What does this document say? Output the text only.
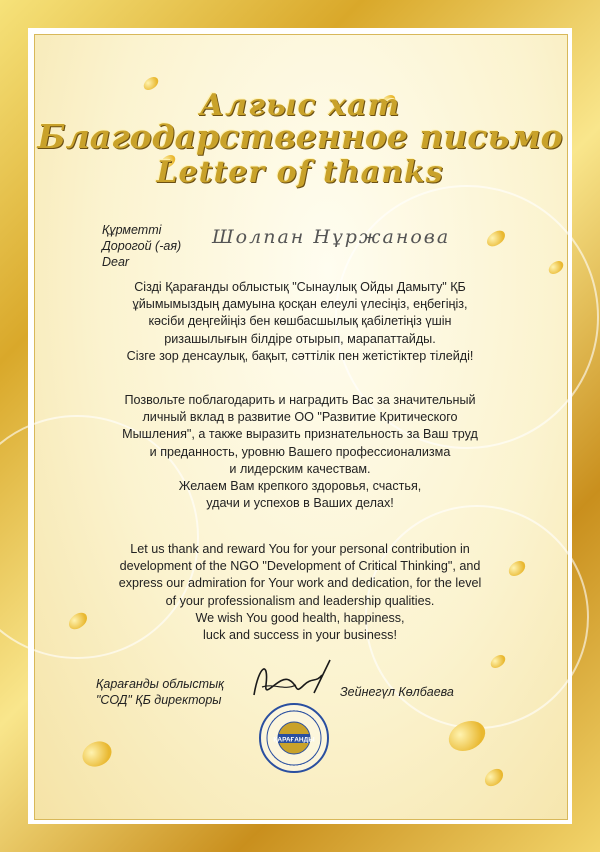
Алғыс хат
Благодарственное письмо
Letter of thanks
Құрметті
Дорогой (-ая)
Dear
Шолпан Нұржанова
Сізді Қарағанды облыстық "Сынаулық Ойды Дамыту" ҚБ
ұйымымыздың дамуына қосқан елеулі үлесіңіз, еңбегіңіз,
кәсіби деңгейіңіз бен көшбасшылық қабілетіңіз үшін
ризашылығын білдіре отырып, марапаттайды.
Сізге зор денсаулық, бақыт, сәттілік пен жетістіктер тілейді!
Позвольте поблагодарить и наградить Вас за значительный
личный вклад в развитие ОО "Развитие Критического
Мышления", а также выразить признательность за Ваш труд
и преданность, уровню Вашего профессионализма
и лидерским качествам.
Желаем Вам крепкого здоровья, счастья,
удачи и успехов в Ваших делах!
Let us thank and reward You for your personal contribution in
development of the NGO "Development of Critical Thinking", and
express our admiration for Your work and dedication, for the level
of your professionalism and leadership qualities.
We wish You good health, happiness,
luck and success in your business!
Қарағанды облыстық
"СОД" ҚБ директоры
Зейнегүл Көлбаева
ҚАРАҒАНДЫ
